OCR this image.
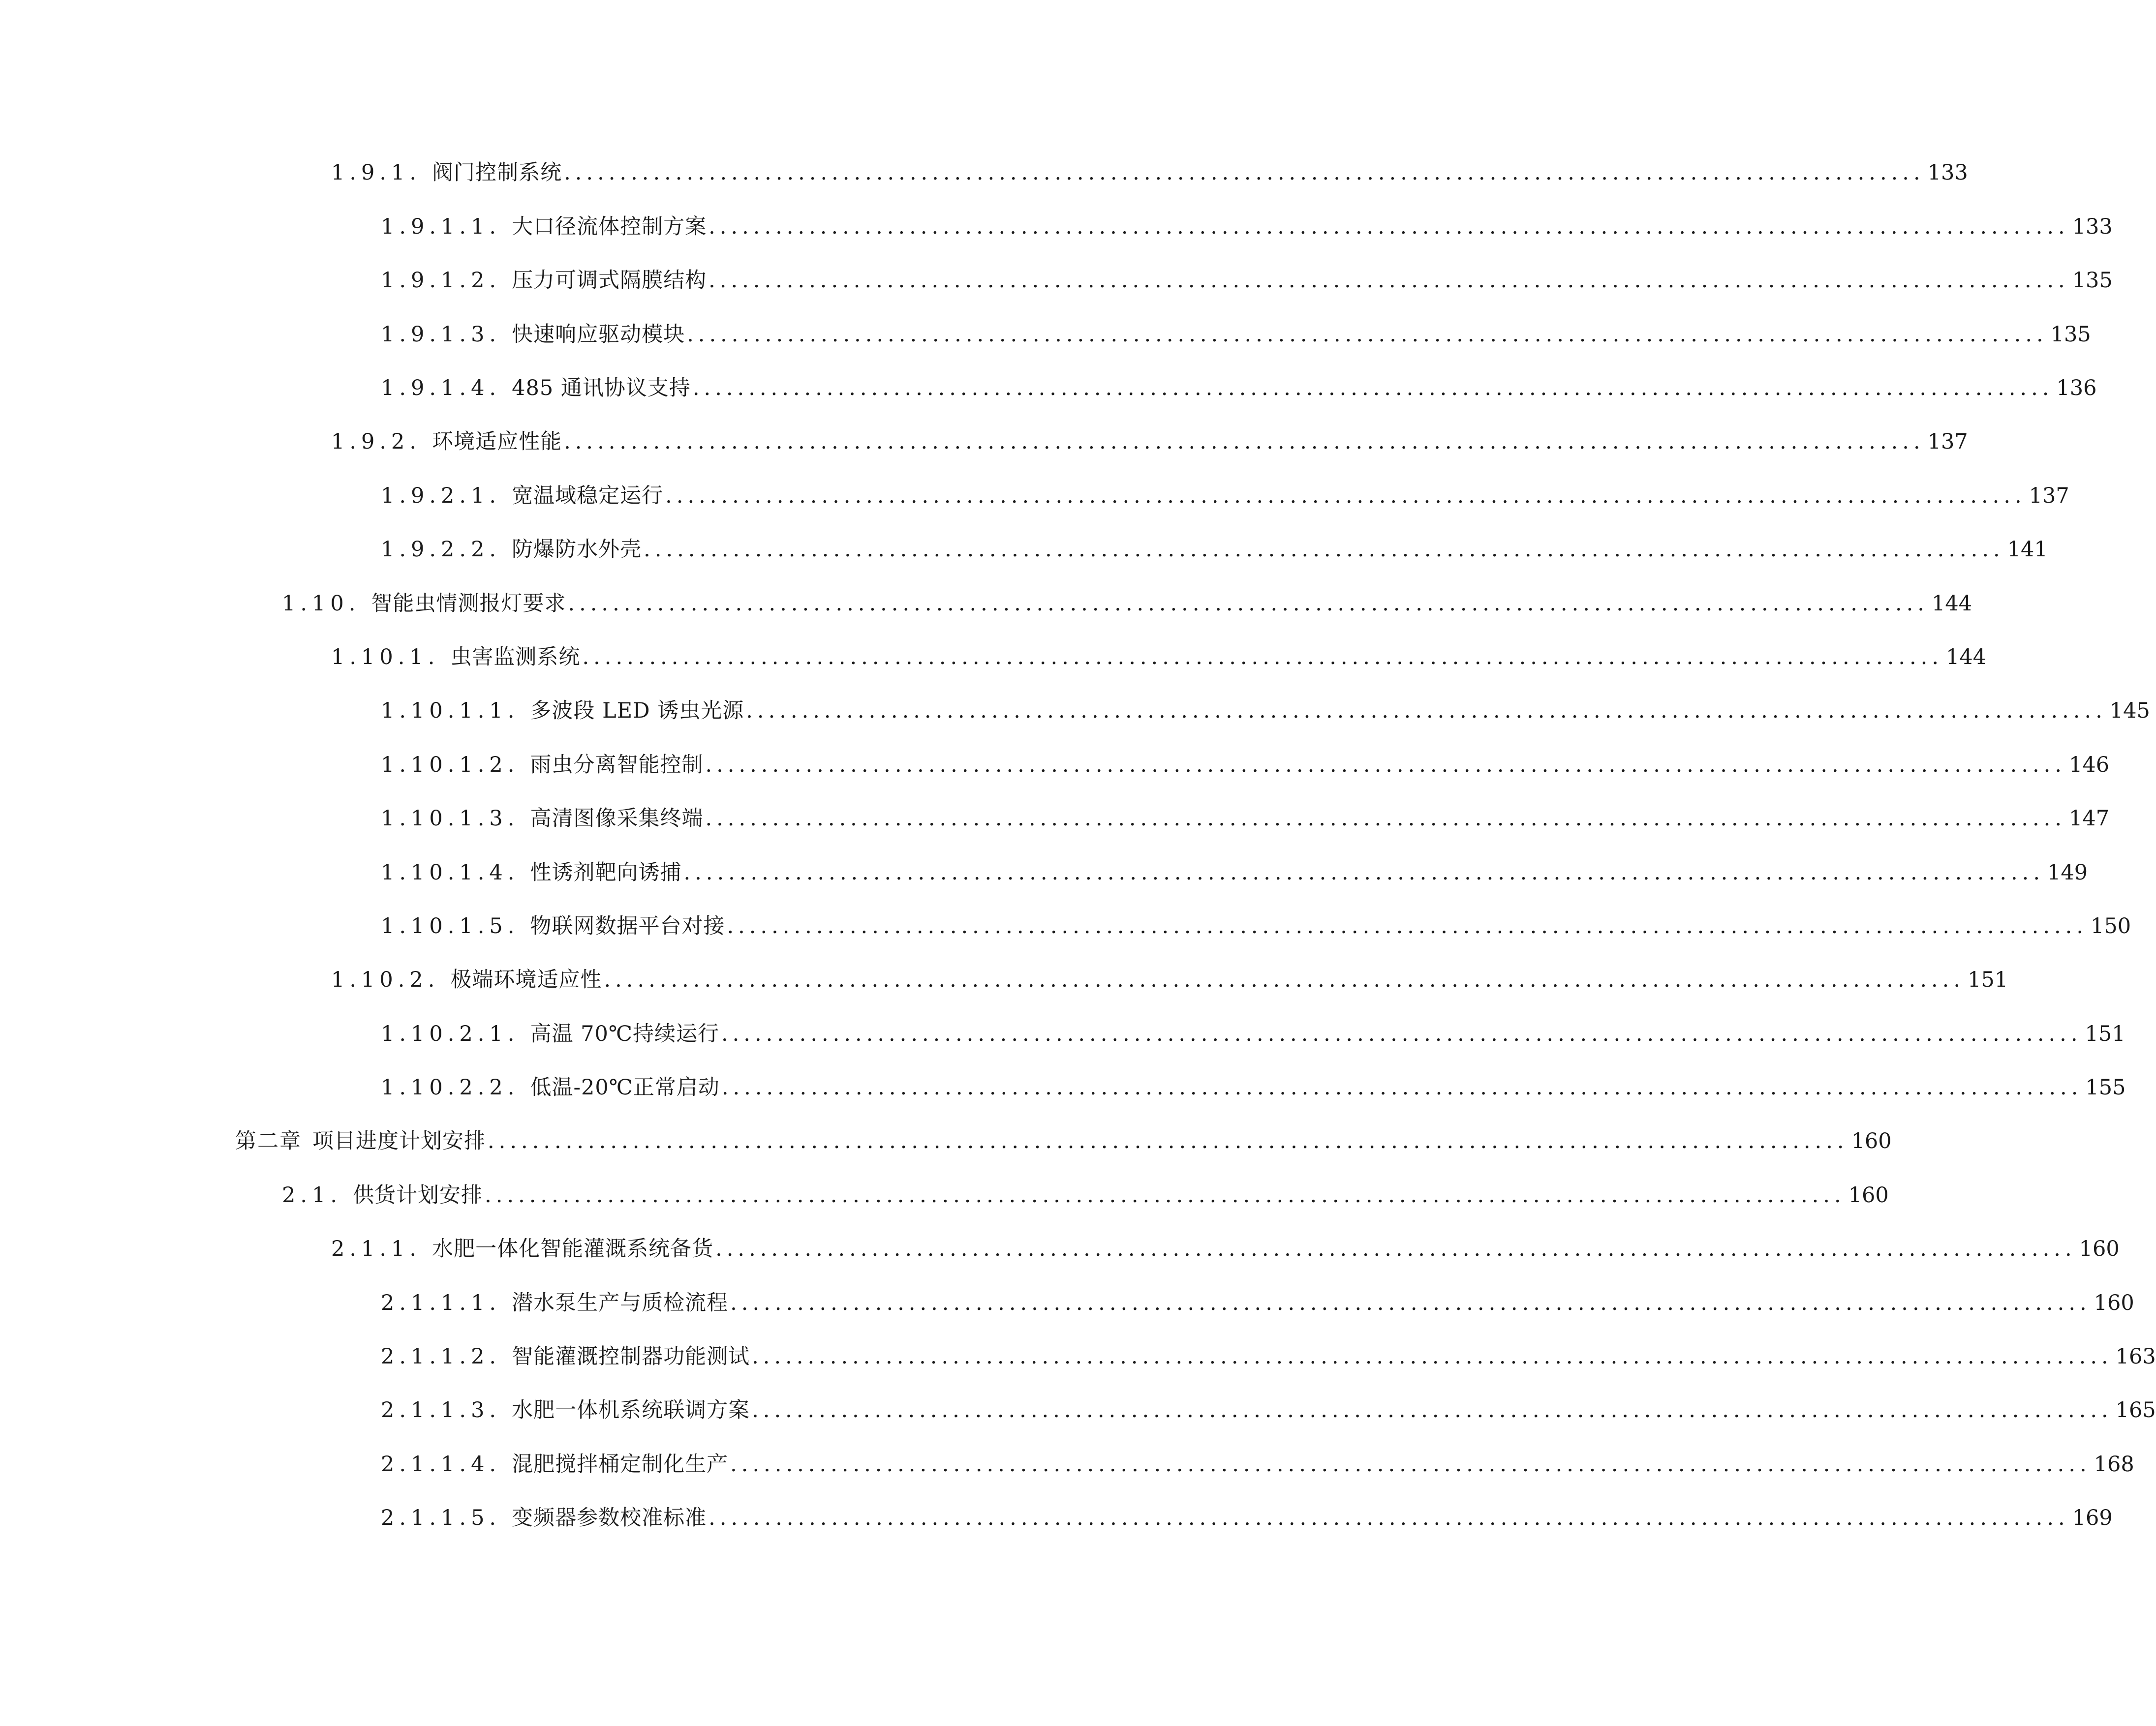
1.9.1. 阀门控制系统 .......................................................................................................................... 133
1.9.1.1. 大口径流体控制方案 .......................................................................................................................... 133
1.9.1.2. 压力可调式隔膜结构 .......................................................................................................................... 135
1.9.1.3. 快速响应驱动模块 .......................................................................................................................... 135
1.9.1.4. 485 通讯协议支持 .......................................................................................................................... 136
1.9.2. 环境适应性能 .......................................................................................................................... 137
1.9.2.1. 宽温域稳定运行 .......................................................................................................................... 137
1.9.2.2. 防爆防水外壳 .......................................................................................................................... 141
1.10. 智能虫情测报灯要求 .......................................................................................................................... 144
1.10.1. 虫害监测系统 .......................................................................................................................... 144
1.10.1.1. 多波段 LED 诱虫光源 .......................................................................................................................... 145
1.10.1.2. 雨虫分离智能控制 .......................................................................................................................... 146
1.10.1.3. 高清图像采集终端 .......................................................................................................................... 147
1.10.1.4. 性诱剂靶向诱捕 .......................................................................................................................... 149
1.10.1.5. 物联网数据平台对接 .......................................................................................................................... 150
1.10.2. 极端环境适应性 .......................................................................................................................... 151
1.10.2.1. 高温 70℃持续运行 .......................................................................................................................... 151
1.10.2.2. 低温-20℃正常启动 .......................................................................................................................... 155
第二章 项目进度计划安排 .......................................................................................................................... 160
2.1. 供货计划安排 .......................................................................................................................... 160
2.1.1. 水肥一体化智能灌溉系统备货 .......................................................................................................................... 160
2.1.1.1. 潜水泵生产与质检流程 .......................................................................................................................... 160
2.1.1.2. 智能灌溉控制器功能测试 .......................................................................................................................... 163
2.1.1.3. 水肥一体机系统联调方案 .......................................................................................................................... 165
2.1.1.4. 混肥搅拌桶定制化生产 .......................................................................................................................... 168
2.1.1.5. 变频器参数校准标准 .......................................................................................................................... 169
